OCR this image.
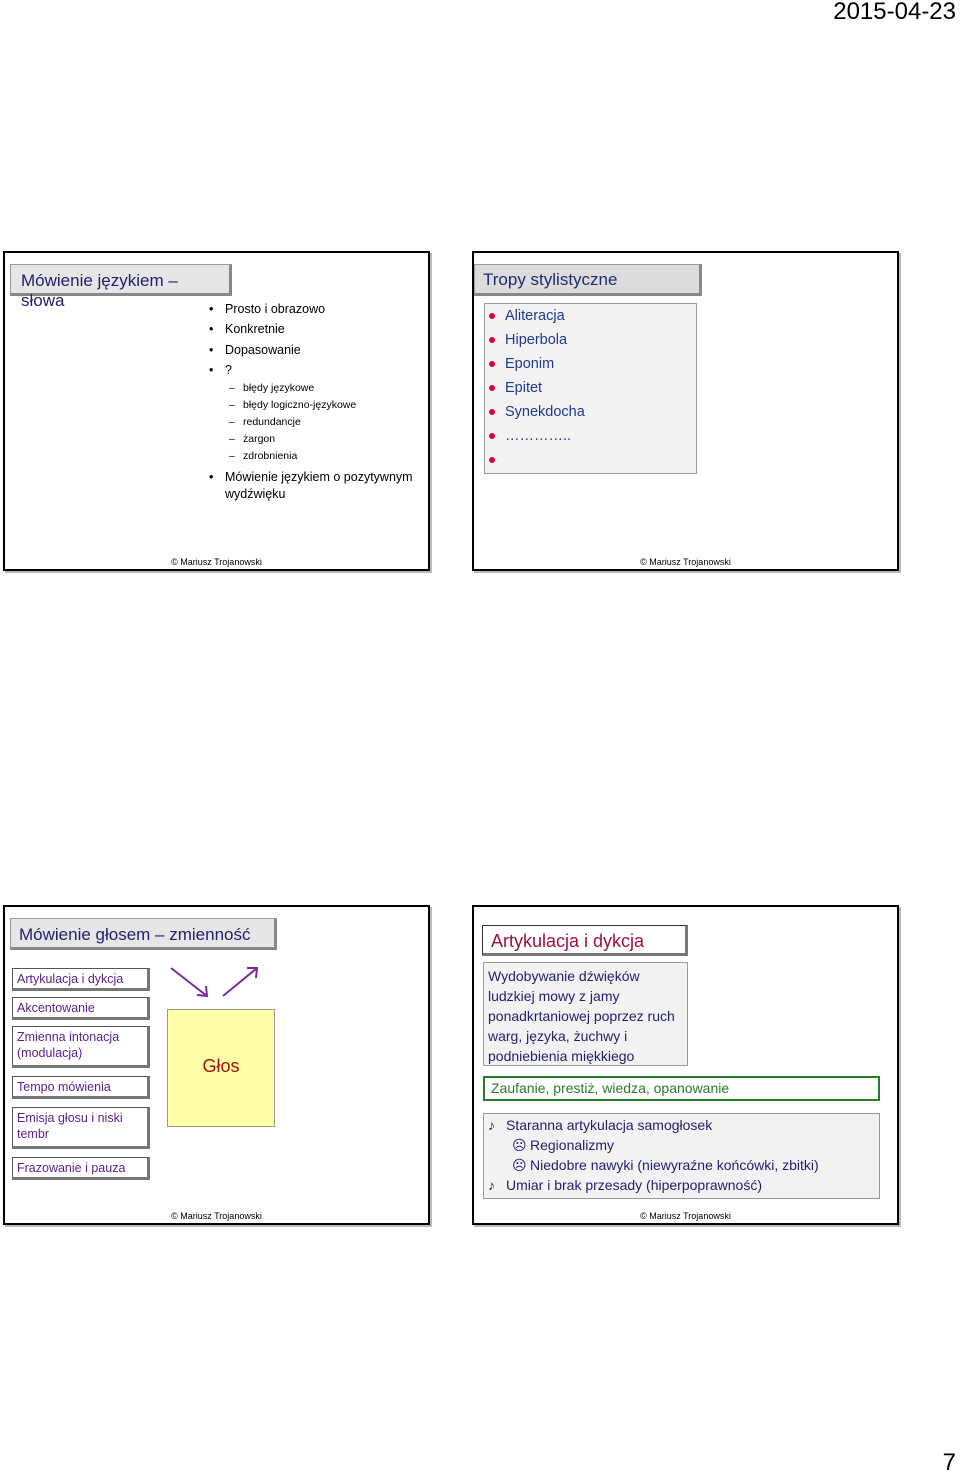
2015-04-23
Mówienie językiem – słowa	• Prosto i obrazowo
• Konkretnie
• Dopasowanie
• ?
– błędy językowe
– błędy logiczno-językowe
– redundancje
– żargon
– zdrobnienia
• Mówienie językiem o pozytywnym
wydźwięku
© Mariusz Trojanowski
Tropy stylistyczne
Aliteracja
Hiperbola
Eponim
Epitet
Synekdocha
…………..
© Mariusz Trojanowski
Mówienie głosem – zmienność
Artykulacja i dykcja
Akcentowanie
Zmienna intonacja (modulacja)
Tempo mówienia
Emisja głosu i niski tembr
Frazowanie i pauza
Głos
© Mariusz Trojanowski
Artykulacja i dykcja
Wydobywanie dźwięków ludzkiej mowy z jamy ponadkrtaniowej poprzez ruch warg, języka, żuchwy i podniebienia miękkiego
Zaufanie, prestiż, wiedza, opanowanie
♪ Staranna artykulacja samogłosek
☹ Regionalizmy
☹ Niedobre nawyki (niewyraźne końcówki, zbitki)
♪ Umiar i brak przesady (hiperpoprawność)
© Mariusz Trojanowski
7
